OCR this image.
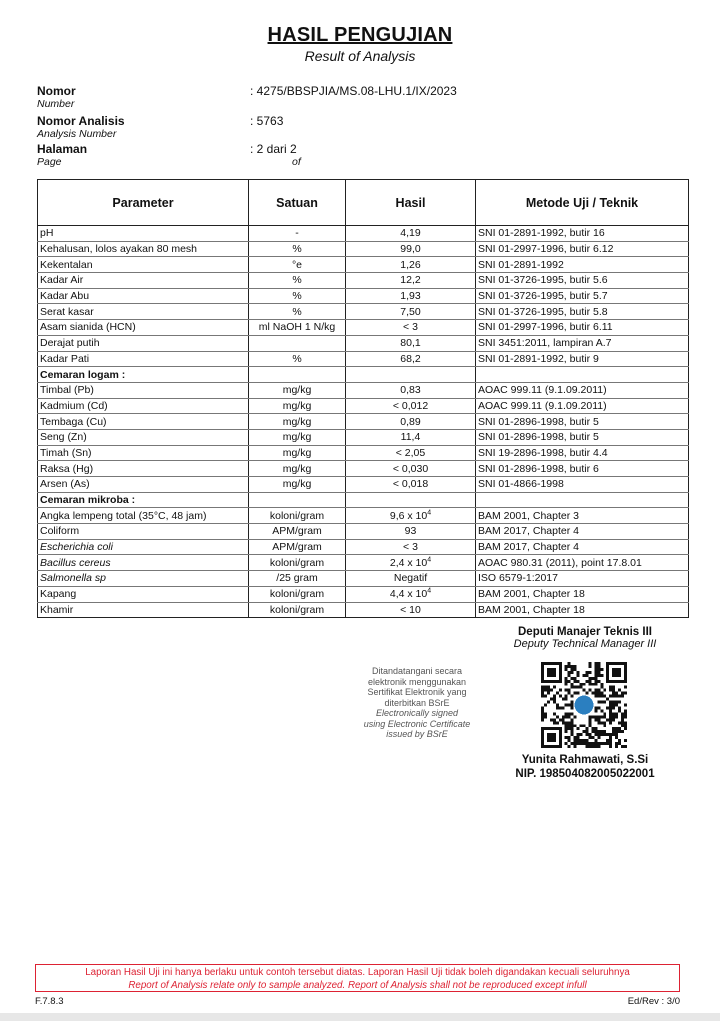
HASIL PENGUJIAN
Result of Analysis
Nomor
Number
: 4275/BBSPJIA/MS.08-LHU.1/IX/2023
Nomor Analisis
Analysis Number
: 5763
Halaman
Page
: 2 dari 2
of
Parameter	Satuan	Hasil	Metode Uji / Teknik
pH	-	4,19	SNI 01-2891-1992, butir 16
Kehalusan, lolos ayakan 80 mesh	%	99,0	SNI 01-2997-1996, butir 6.12
Kekentalan	°e	1,26	SNI 01-2891-1992
Kadar Air	%	12,2	SNI 01-3726-1995, butir 5.6
Kadar Abu	%	1,93	SNI 01-3726-1995, butir 5.7
Serat kasar	%	7,50	SNI 01-3726-1995, butir 5.8
Asam sianida (HCN)	ml NaOH 1 N/kg	< 3	SNI 01-2997-1996, butir 6.11
Derajat putih		80,1	SNI 3451:2011, lampiran A.7
Kadar Pati	%	68,2	SNI 01-2891-1992, butir 9
Cemaran logam :			
Timbal (Pb)	mg/kg	0,83	AOAC 999.11 (9.1.09.2011)
Kadmium (Cd)	mg/kg	< 0,012	AOAC 999.11 (9.1.09.2011)
Tembaga (Cu)	mg/kg	0,89	SNI 01-2896-1998, butir 5
Seng (Zn)	mg/kg	11,4	SNI 01-2896-1998, butir 5
Timah (Sn)	mg/kg	< 2,05	SNI 19-2896-1998, butir 4.4
Raksa (Hg)	mg/kg	< 0,030	SNI 01-2896-1998, butir 6
Arsen (As)	mg/kg	< 0,018	SNI 01-4866-1998
Cemaran mikroba :			
Angka lempeng total (35°C, 48 jam)	koloni/gram	9,6 x $10^4$	BAM 2001, Chapter 3
Coliform	APM/gram	93	BAM 2017, Chapter 4
Escherichia coli	APM/gram	< 3	BAM 2017, Chapter 4
Bacillus cereus	koloni/gram	2,4 x $10^4$	AOAC 980.31 (2011), point 17.8.01
Salmonella sp	/25 gram	Negatif	ISO 6579-1:2017
Kapang	koloni/gram	4,4 x $10^4$	BAM 2001, Chapter 18
Khamir	koloni/gram	< 10	BAM 2001, Chapter 18
Deputi Manajer Teknis III
Deputy Technical Manager III
Ditandatangani secara
elektronik menggunakan
Sertifikat Elektronik yang
diterbitkan BSrE
Electronically signed
using Electronic Certificate
issued by BSrE
Yunita Rahmawati, S.Si
NIP. 198504082005022001
Laporan Hasil Uji ini hanya berlaku untuk contoh tersebut diatas. Laporan Hasil Uji tidak boleh digandakan kecuali seluruhnya
Report of Analysis relate only to sample analyzed. Report of Analysis shall not be reproduced except infull
F.7.8.3	Ed/Rev : 3/0
